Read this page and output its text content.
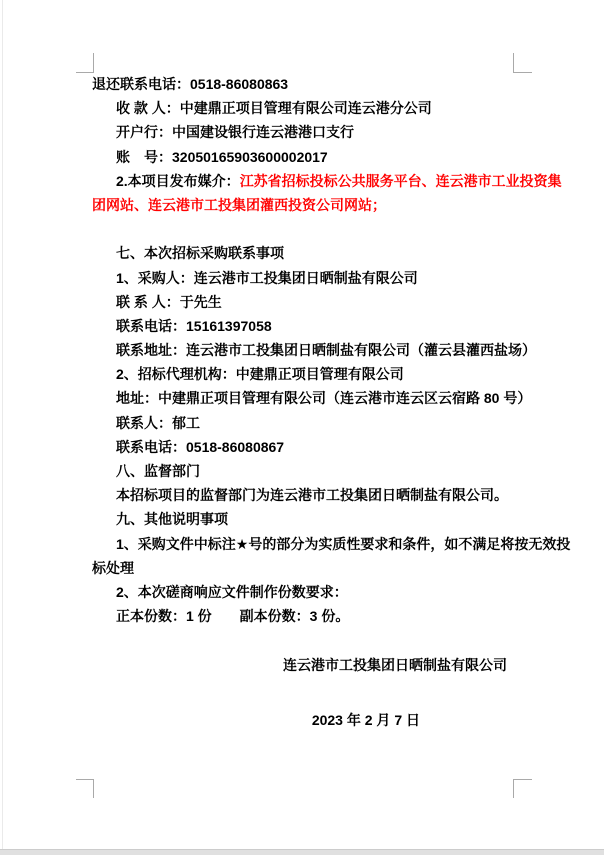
退还联系电话：0518-86080863
收 款 人：中建鼎正项目管理有限公司连云港分公司
开户行：中国建设银行连云港港口支行
账　号：32050165903600002017
2.本项目发布媒介：江苏省招标投标公共服务平台、连云港市工业投资集
团网站、连云港市工投集团灌西投资公司网站；
七、本次招标采购联系事项
1、采购人：连云港市工投集团日晒制盐有限公司
联 系 人：于先生
联系电话：15161397058
联系地址：连云港市工投集团日晒制盐有限公司（灌云县灌西盐场）
2、招标代理机构：中建鼎正项目管理有限公司
地址：中建鼎正项目管理有限公司（连云港市连云区云宿路 80 号）
联系人：郁工
联系电话：0518-86080867
八、监督部门
本招标项目的监督部门为连云港市工投集团日晒制盐有限公司。
九、其他说明事项
1、采购文件中标注★号的部分为实质性要求和条件，如不满足将按无效投
标处理
2、本次磋商响应文件制作份数要求：
正本份数：1 份　　副本份数：3 份。
连云港市工投集团日晒制盐有限公司
2023 年 2 月 7 日
